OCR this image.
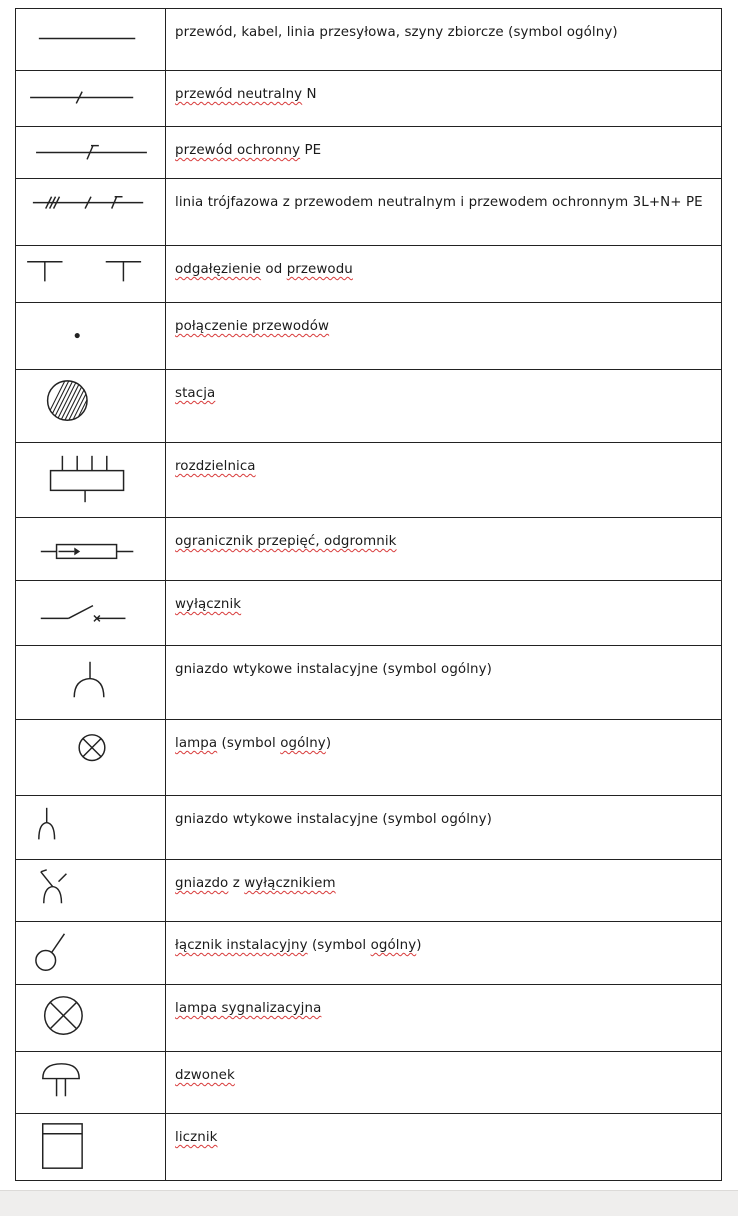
	przewód, kabel, linia przesyłowa, szyny zbiorcze (symbol ogólny)

	przewód neutralny N

	przewód ochronny PE

	linia trójfazowa z przewodem neutralnym i przewodem ochronnym 3L+N+ PE

	odgałęzienie od przewodu

	połączenie przewodów

	stacja

	rozdzielnica

	ogranicznik przepięć, odgromnik

	wyłącznik

	gniazdo wtykowe instalacyjne (symbol ogólny)

	lampa (symbol ogólny)

	gniazdo wtykowe instalacyjne (symbol ogólny)

	gniazdo z wyłącznikiem

	łącznik instalacyjny (symbol ogólny)

	lampa sygnalizacyjna

	dzwonek

	licznik
